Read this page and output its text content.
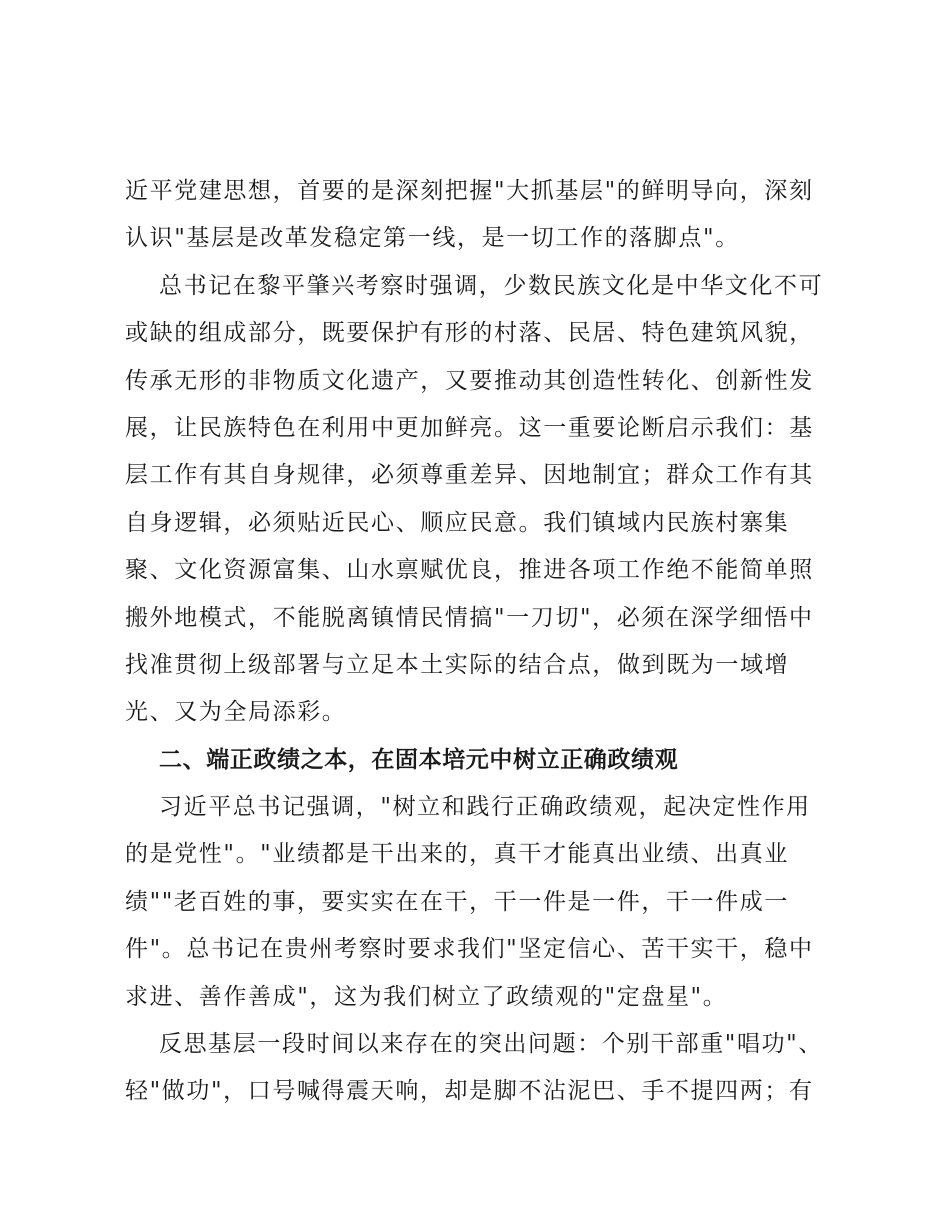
近平党建思想，首要的是深刻把握"大抓基层"的鲜明导向，深刻
认识"基层是改革发稳定第一线，是一切工作的落脚点"。
总书记在黎平肇兴考察时强调，少数民族文化是中华文化不可
或缺的组成部分，既要保护有形的村落、民居、特色建筑风貌，
传承无形的非物质文化遗产，又要推动其创造性转化、创新性发
展，让民族特色在利用中更加鲜亮。这一重要论断启示我们：基
层工作有其自身规律，必须尊重差异、因地制宜；群众工作有其
自身逻辑，必须贴近民心、顺应民意。我们镇域内民族村寨集
聚、文化资源富集、山水禀赋优良，推进各项工作绝不能简单照
搬外地模式，不能脱离镇情民情搞"一刀切"，必须在深学细悟中
找准贯彻上级部署与立足本土实际的结合点，做到既为一域增
光、又为全局添彩。
二、端正政绩之本，在固本培元中树立正确政绩观
习近平总书记强调，"树立和践行正确政绩观，起决定性作用
的是党性"。"业绩都是干出来的，真干才能真出业绩、出真业
绩""老百姓的事，要实实在在干，干一件是一件，干一件成一
件"。总书记在贵州考察时要求我们"坚定信心、苦干实干，稳中
求进、善作善成"，这为我们树立了政绩观的"定盘星"。
反思基层一段时间以来存在的突出问题：个别干部重"唱功"、
轻"做功"，口号喊得震天响，却是脚不沾泥巴、手不提四两；有
